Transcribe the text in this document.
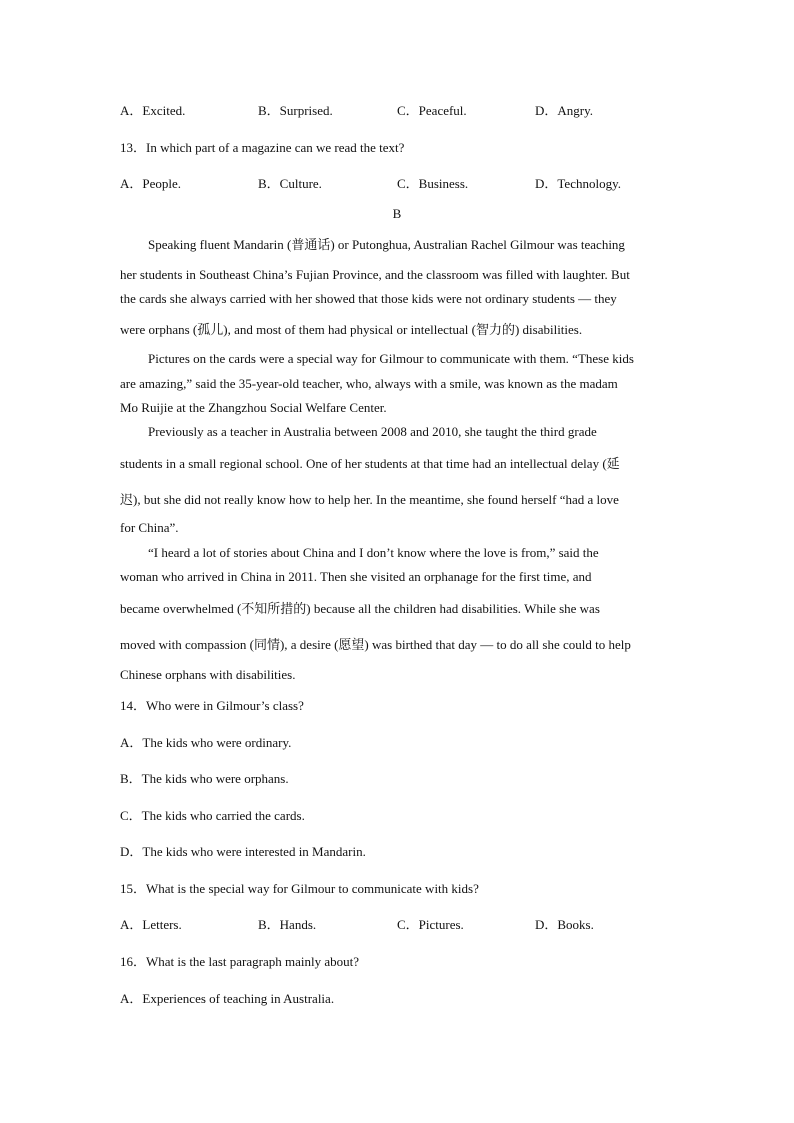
A．Excited.	B．Surprised.	C．Peaceful.	D．Angry.
13．In which part of a magazine can we read the text?
A．People.	B．Culture.	C．Business.	D．Technology.
B
Speaking fluent Mandarin (普通话) or Putonghua, Australian Rachel Gilmour was teaching
her students in Southeast China’s Fujian Province, and the classroom was filled with laughter. But
the cards she always carried with her showed that those kids were not ordinary students — they
were orphans (孤儿), and most of them had physical or intellectual (智力的) disabilities.
Pictures on the cards were a special way for Gilmour to communicate with them. “These kids
are amazing,” said the 35-year-old teacher, who, always with a smile, was known as the madam
Mo Ruijie at the Zhangzhou Social Welfare Center.
Previously as a teacher in Australia between 2008 and 2010, she taught the third grade
students in a small regional school. One of her students at that time had an intellectual delay (延
迟), but she did not really know how to help her. In the meantime, she found herself “had a love
for China”.
“I heard a lot of stories about China and I don’t know where the love is from,” said the
woman who arrived in China in 2011. Then she visited an orphanage for the first time, and
became overwhelmed (不知所措的) because all the children had disabilities. While she was
moved with compassion (同情), a desire (愿望) was birthed that day — to do all she could to help
Chinese orphans with disabilities.
14．Who were in Gilmour’s class?
A．The kids who were ordinary.
B．The kids who were orphans.
C．The kids who carried the cards.
D．The kids who were interested in Mandarin.
15．What is the special way for Gilmour to communicate with kids?
A．Letters.	B．Hands.	C．Pictures.	D．Books.
16．What is the last paragraph mainly about?
A．Experiences of teaching in Australia.
